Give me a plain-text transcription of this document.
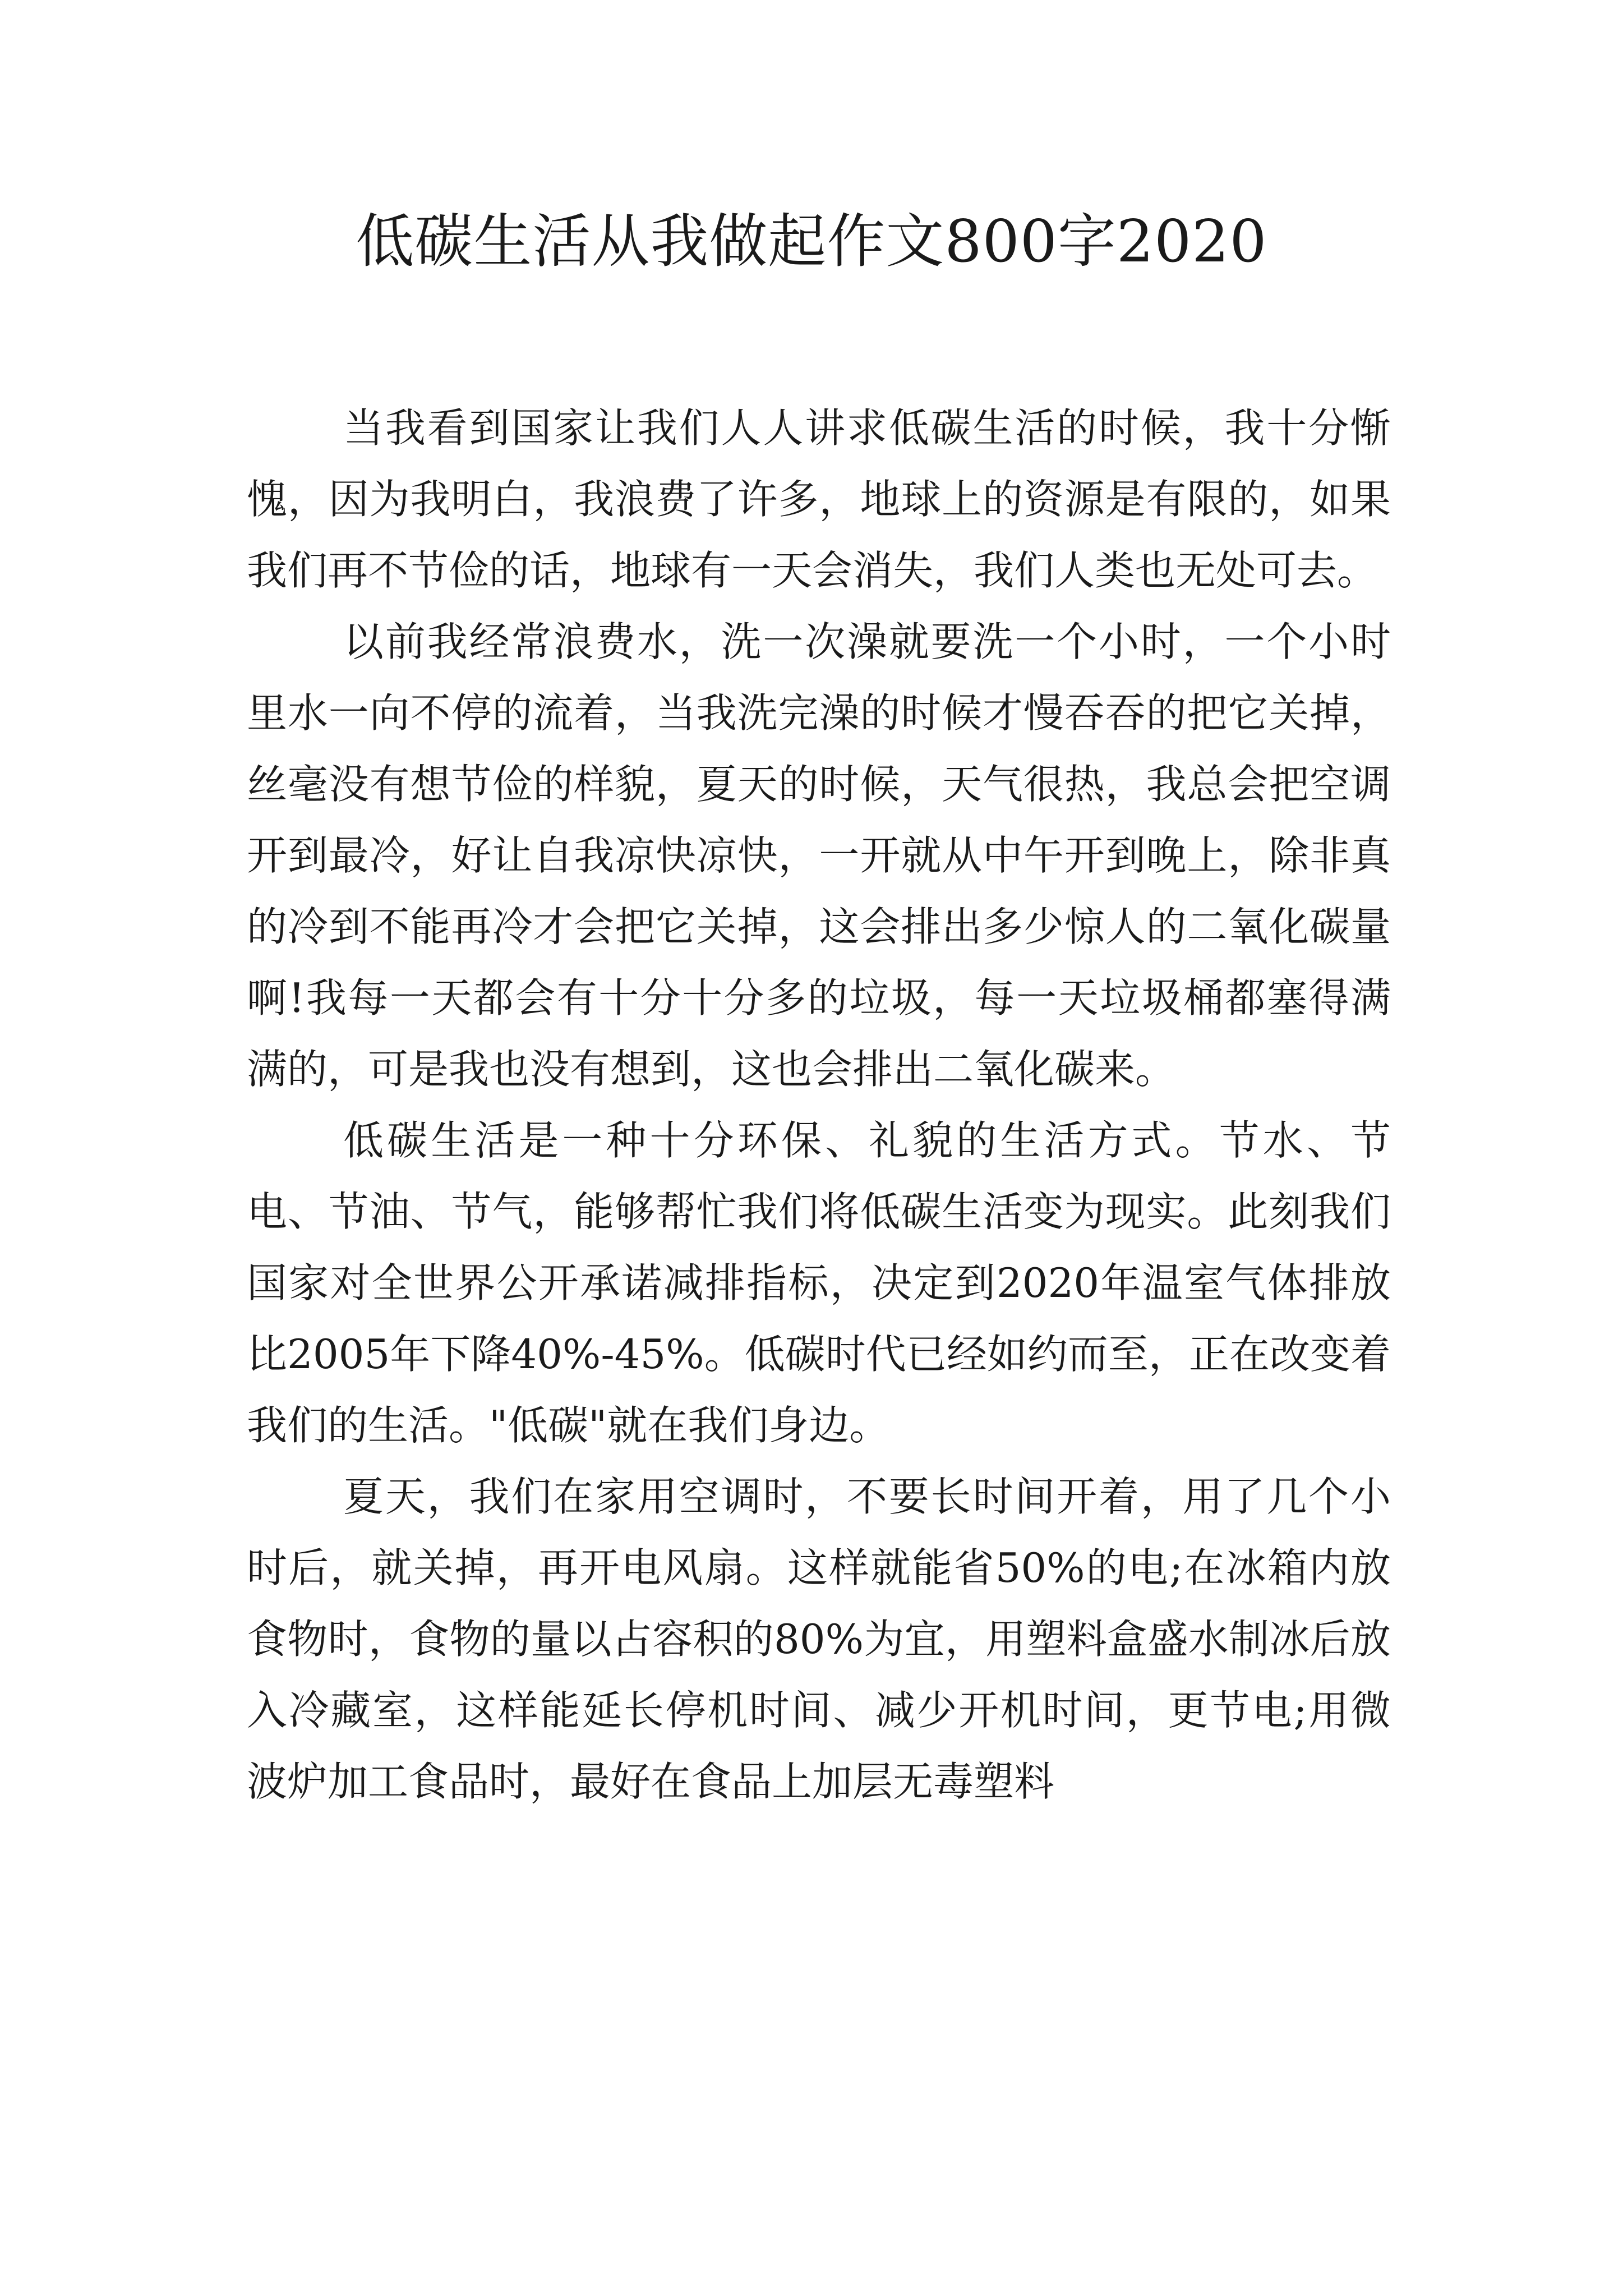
低碳生活从我做起作文800字2020

当我看到国家让我们人人讲求低碳生活的时候，我十分惭愧，因为我明白，我浪费了许多，地球上的资源是有限的，如果我们再不节俭的话，地球有一天会消失，我们人类也无处可去。

以前我经常浪费水，洗一次澡就要洗一个小时，一个小时里水一向不停的流着，当我洗完澡的时候才慢吞吞的把它关掉，丝毫没有想节俭的样貌，夏天的时候，天气很热，我总会把空调开到最冷，好让自我凉快凉快，一开就从中午开到晚上，除非真的冷到不能再冷才会把它关掉，这会排出多少惊人的二氧化碳量啊!我每一天都会有十分十分多的垃圾，每一天垃圾桶都塞得满满的，可是我也没有想到，这也会排出二氧化碳来。

低碳生活是一种十分环保、礼貌的生活方式。节水、节电、节油、节气，能够帮忙我们将低碳生活变为现实。此刻我们国家对全世界公开承诺减排指标，决定到2020年温室气体排放比2005年下降40%-45%。低碳时代已经如约而至，正在改变着我们的生活。"低碳"就在我们身边。

夏天，我们在家用空调时，不要长时间开着，用了几个小时后，就关掉，再开电风扇。这样就能省50%的电;在冰箱内放食物时，食物的量以占容积的80%为宜，用塑料盒盛水制冰后放入冷藏室，这样能延长停机时间、减少开机时间，更节电;用微波炉加工食品时，最好在食品上加层无毒塑料
